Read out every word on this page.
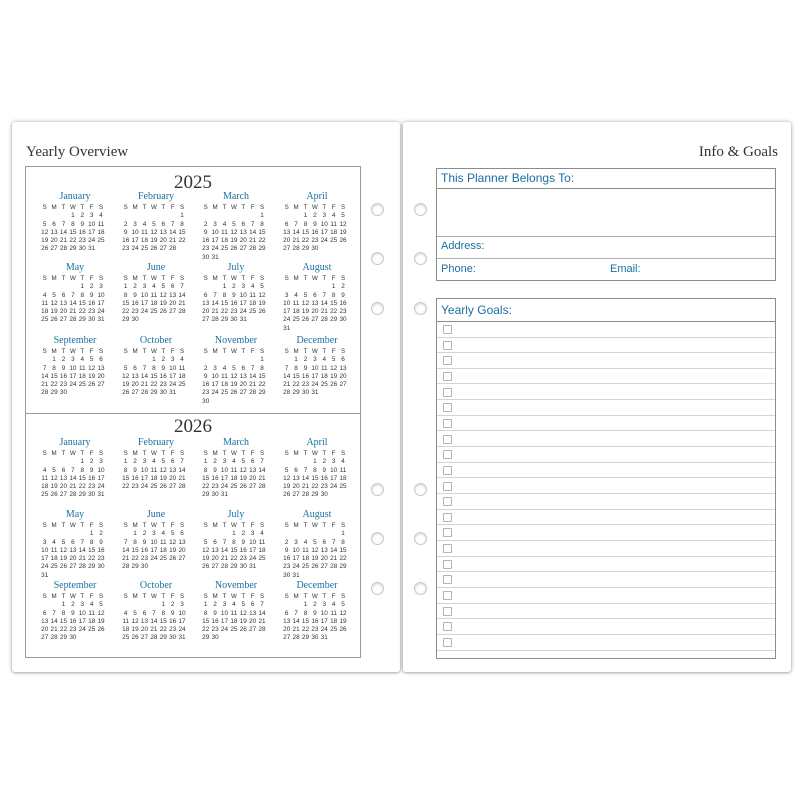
Yearly Overview
2025
January
S M T W T F S
1 2 3 4
5 6 7 8 9 10 11
12 13 14 15 16 17 18
19 20 21 22 23 24 25
26 27 28 29 30 31
February
S M T W T F S
1
2 3 4 5 6 7 8
9 10 11 12 13 14 15
16 17 18 19 20 21 22
23 24 25 26 27 28
March
S M T W T F S
1
2 3 4 5 6 7 8
9 10 11 12 13 14 15
16 17 18 19 20 21 22
23 24 25 26 27 28 29
30 31
April
S M T W T F S
1 2 3 4 5
6 7 8 9 10 11 12
13 14 15 16 17 18 19
20 21 22 23 24 25 26
27 28 29 30
May
S M T W T F S
1 2 3
4 5 6 7 8 9 10
11 12 13 14 15 16 17
18 19 20 21 22 23 24
25 26 27 28 29 30 31
June
S M T W T F S
1 2 3 4 5 6 7
8 9 10 11 12 13 14
15 16 17 18 19 20 21
22 23 24 25 26 27 28
29 30
July
S M T W T F S
1 2 3 4 5
6 7 8 9 10 11 12
13 14 15 16 17 18 19
20 21 22 23 24 25 26
27 28 29 30 31
August
S M T W T F S
1 2
3 4 5 6 7 8 9
10 11 12 13 14 15 16
17 18 19 20 21 22 23
24 25 26 27 28 29 30
31
September
S M T W T F S
1 2 3 4 5 6
7 8 9 10 11 12 13
14 15 16 17 18 19 20
21 22 23 24 25 26 27
28 29 30
October
S M T W T F S
1 2 3 4
5 6 7 8 9 10 11
12 13 14 15 16 17 18
19 20 21 22 23 24 25
26 27 28 29 30 31
November
S M T W T F S
1
2 3 4 5 6 7 8
9 10 11 12 13 14 15
16 17 18 19 20 21 22
23 24 25 26 27 28 29
30
December
S M T W T F S
1 2 3 4 5 6
7 8 9 10 11 12 13
14 15 16 17 18 19 20
21 22 23 24 25 26 27
28 29 30 31
2026
January
S M T W T F S
1 2 3
4 5 6 7 8 9 10
11 12 13 14 15 16 17
18 19 20 21 22 23 24
25 26 27 28 29 30 31
February
S M T W T F S
1 2 3 4 5 6 7
8 9 10 11 12 13 14
15 16 17 18 19 20 21
22 23 24 25 26 27 28
March
S M T W T F S
1 2 3 4 5 6 7
8 9 10 11 12 13 14
15 16 17 18 19 20 21
22 23 24 25 26 27 28
29 30 31
April
S M T W T F S
1 2 3 4
5 6 7 8 9 10 11
12 13 14 15 16 17 18
19 20 21 22 23 24 25
26 27 28 29 30
May
S M T W T F S
1 2
3 4 5 6 7 8 9
10 11 12 13 14 15 16
17 18 19 20 21 22 23
24 25 26 27 28 29 30
31
June
S M T W T F S
1 2 3 4 5 6
7 8 9 10 11 12 13
14 15 16 17 18 19 20
21 22 23 24 25 26 27
28 29 30
July
S M T W T F S
1 2 3 4
5 6 7 8 9 10 11
12 13 14 15 16 17 18
19 20 21 22 23 24 25
26 27 28 29 30 31
August
S M T W T F S
1
2 3 4 5 6 7 8
9 10 11 12 13 14 15
16 17 18 19 20 21 22
23 24 25 26 27 28 29
30 31
September
S M T W T F S
1 2 3 4 5
6 7 8 9 10 11 12
13 14 15 16 17 18 19
20 21 22 23 24 25 26
27 28 29 30
October
S M T W T F S
1 2 3
4 5 6 7 8 9 10
11 12 13 14 15 16 17
18 19 20 21 22 23 24
25 26 27 28 29 30 31
November
S M T W T F S
1 2 3 4 5 6 7
8 9 10 11 12 13 14
15 16 17 18 19 20 21
22 23 24 25 26 27 28
29 30
December
S M T W T F S
1 2 3 4 5
6 7 8 9 10 11 12
13 14 15 16 17 18 19
20 21 22 23 24 25 26
27 28 29 30 31
Info & Goals
This Planner Belongs To:
Address:
Phone:	Email:
Yearly Goals:
